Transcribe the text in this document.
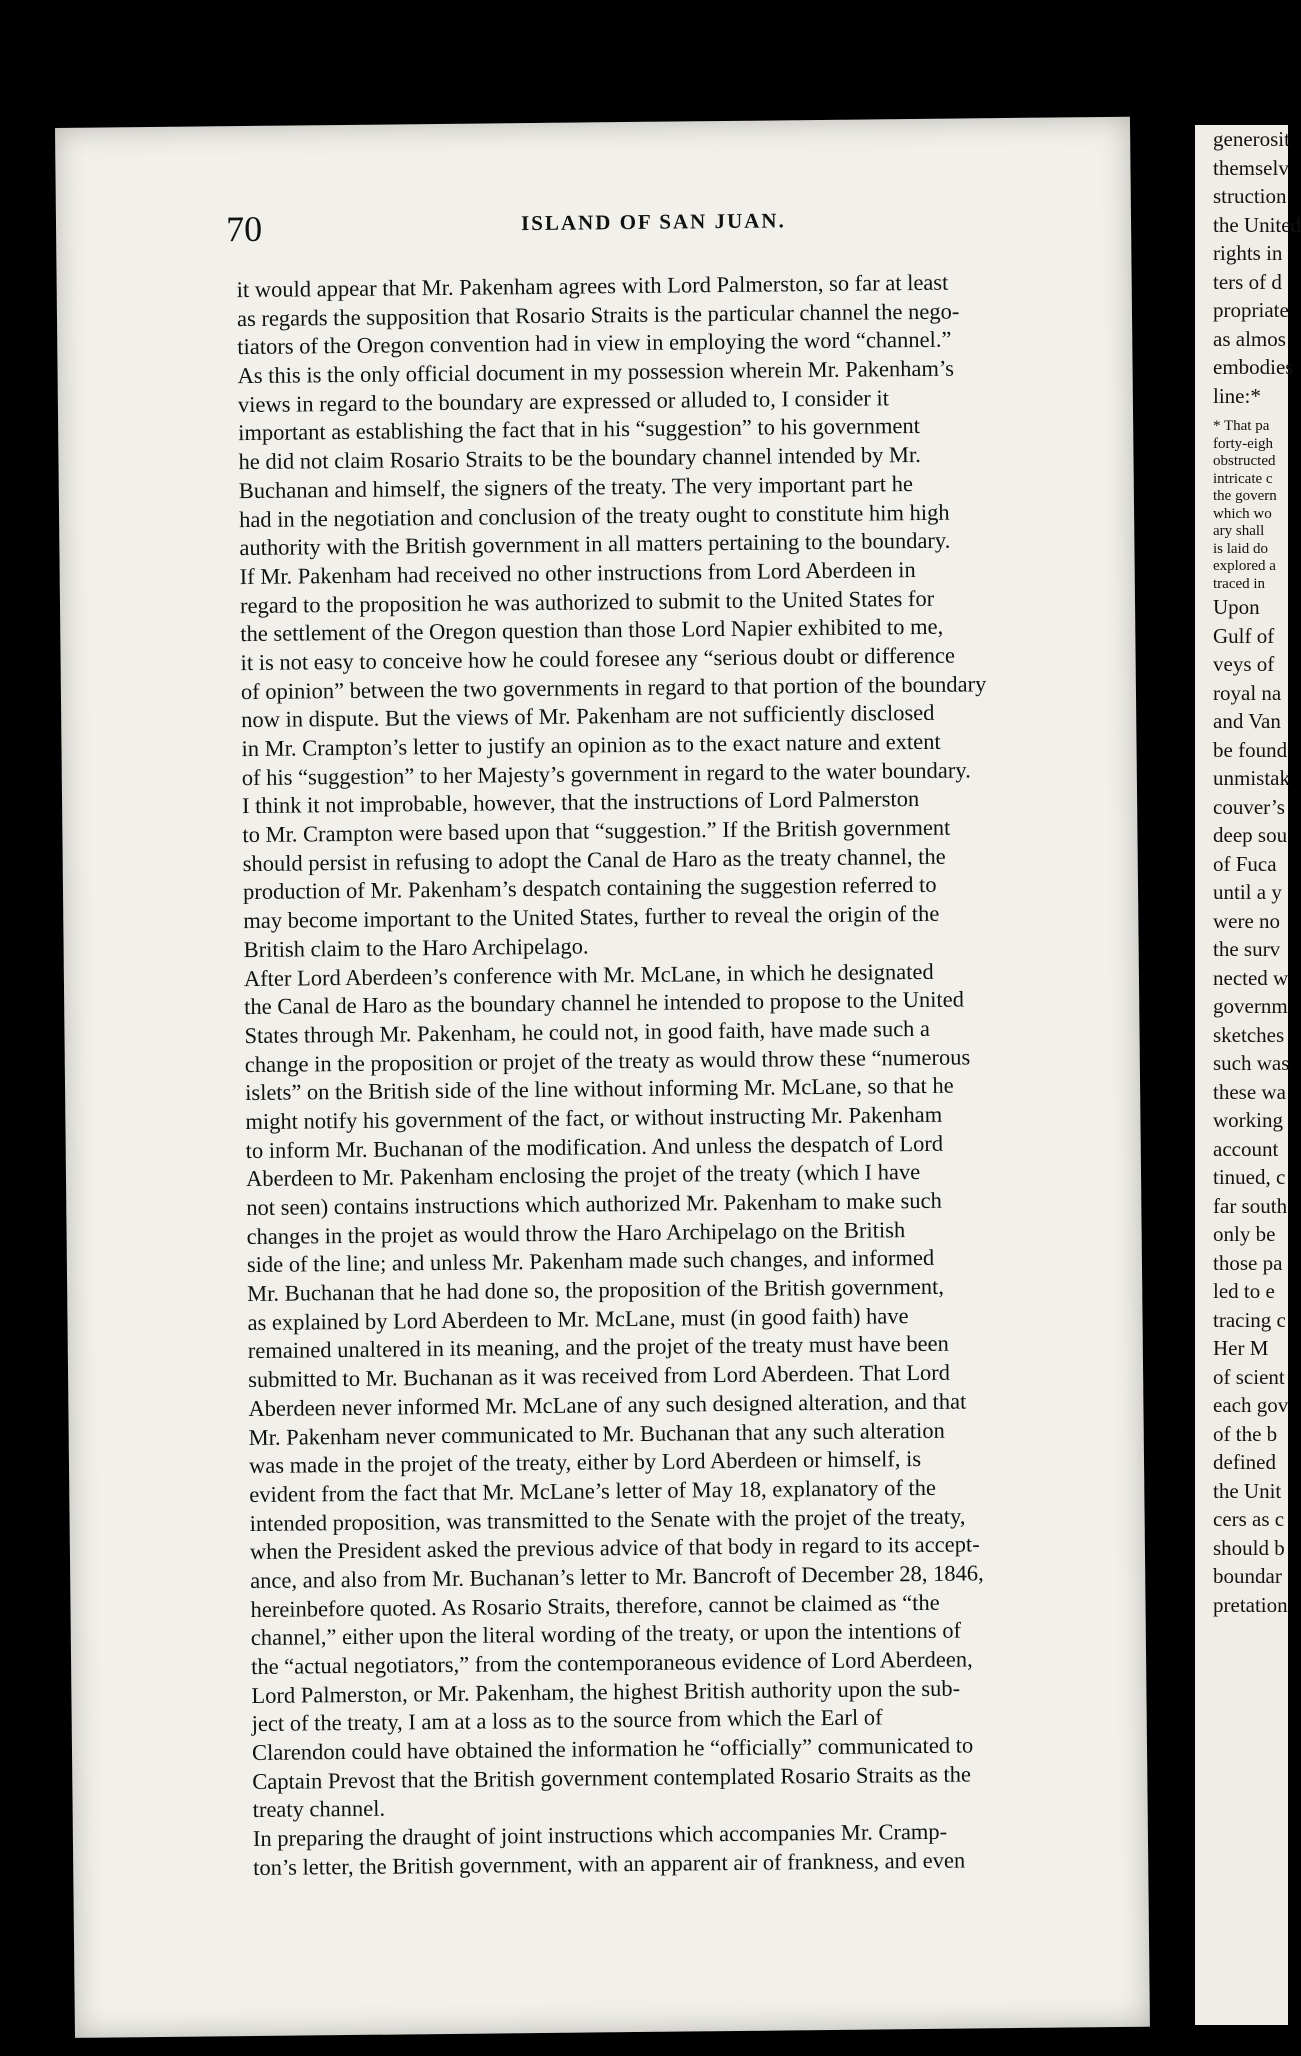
70	ISLAND OF SAN JUAN.
it would appear that Mr. Pakenham agrees with Lord Palmerston, so far at least
as regards the supposition that Rosario Straits is the particular channel the nego-
tiators of the Oregon convention had in view in employing the word “channel.”
As this is the only official document in my possession wherein Mr. Pakenham’s
views in regard to the boundary are expressed or alluded to, I consider it
important as establishing the fact that in his “suggestion” to his government
he did not claim Rosario Straits to be the boundary channel intended by Mr.
Buchanan and himself, the signers of the treaty. The very important part he
had in the negotiation and conclusion of the treaty ought to constitute him high
authority with the British government in all matters pertaining to the boundary.
If Mr. Pakenham had received no other instructions from Lord Aberdeen in
regard to the proposition he was authorized to submit to the United States for
the settlement of the Oregon question than those Lord Napier exhibited to me,
it is not easy to conceive how he could foresee any “serious doubt or difference
of opinion” between the two governments in regard to that portion of the boundary
now in dispute. But the views of Mr. Pakenham are not sufficiently disclosed
in Mr. Crampton’s letter to justify an opinion as to the exact nature and extent
of his “suggestion” to her Majesty’s government in regard to the water boundary.
I think it not improbable, however, that the instructions of Lord Palmerston
to Mr. Crampton were based upon that “suggestion.” If the British government
should persist in refusing to adopt the Canal de Haro as the treaty channel, the
production of Mr. Pakenham’s despatch containing the suggestion referred to
may become important to the United States, further to reveal the origin of the
British claim to the Haro Archipelago.
After Lord Aberdeen’s conference with Mr. McLane, in which he designated
the Canal de Haro as the boundary channel he intended to propose to the United
States through Mr. Pakenham, he could not, in good faith, have made such a
change in the proposition or projet of the treaty as would throw these “numerous
islets” on the British side of the line without informing Mr. McLane, so that he
might notify his government of the fact, or without instructing Mr. Pakenham
to inform Mr. Buchanan of the modification. And unless the despatch of Lord
Aberdeen to Mr. Pakenham enclosing the projet of the treaty (which I have
not seen) contains instructions which authorized Mr. Pakenham to make such
changes in the projet as would throw the Haro Archipelago on the British
side of the line; and unless Mr. Pakenham made such changes, and informed
Mr. Buchanan that he had done so, the proposition of the British government,
as explained by Lord Aberdeen to Mr. McLane, must (in good faith) have
remained unaltered in its meaning, and the projet of the treaty must have been
submitted to Mr. Buchanan as it was received from Lord Aberdeen. That Lord
Aberdeen never informed Mr. McLane of any such designed alteration, and that
Mr. Pakenham never communicated to Mr. Buchanan that any such alteration
was made in the projet of the treaty, either by Lord Aberdeen or himself, is
evident from the fact that Mr. McLane’s letter of May 18, explanatory of the
intended proposition, was transmitted to the Senate with the projet of the treaty,
when the President asked the previous advice of that body in regard to its accept-
ance, and also from Mr. Buchanan’s letter to Mr. Bancroft of December 28, 1846,
hereinbefore quoted. As Rosario Straits, therefore, cannot be claimed as “the
channel,” either upon the literal wording of the treaty, or upon the intentions of
the “actual negotiators,” from the contemporaneous evidence of Lord Aberdeen,
Lord Palmerston, or Mr. Pakenham, the highest British authority upon the sub-
ject of the treaty, I am at a loss as to the source from which the Earl of
Clarendon could have obtained the information he “officially” communicated to
Captain Prevost that the British government contemplated Rosario Straits as the
treaty channel.
In preparing the draught of joint instructions which accompanies Mr. Cramp-
ton’s letter, the British government, with an apparent air of frankness, and even
generosit
themselv
struction
the United
rights in
ters of d
propriate
as almos
embodies
line:*
* That pa
forty-eigh
obstructed
intricate c
the govern
which wo
ary shall
is laid do
explored a
traced in
Upon
Gulf of
veys of
royal na
and Van
be found
unmistak
couver’s
deep sou
of Fuca
until a y
were no
the surv
nected w
governm
sketches
such was
these wa
working
account
tinued, c
far south
only be
those pa
led to e
tracing c
Her M
of scient
each gov
of the b
defined
the Unit
cers as c
should b
boundar
pretation
